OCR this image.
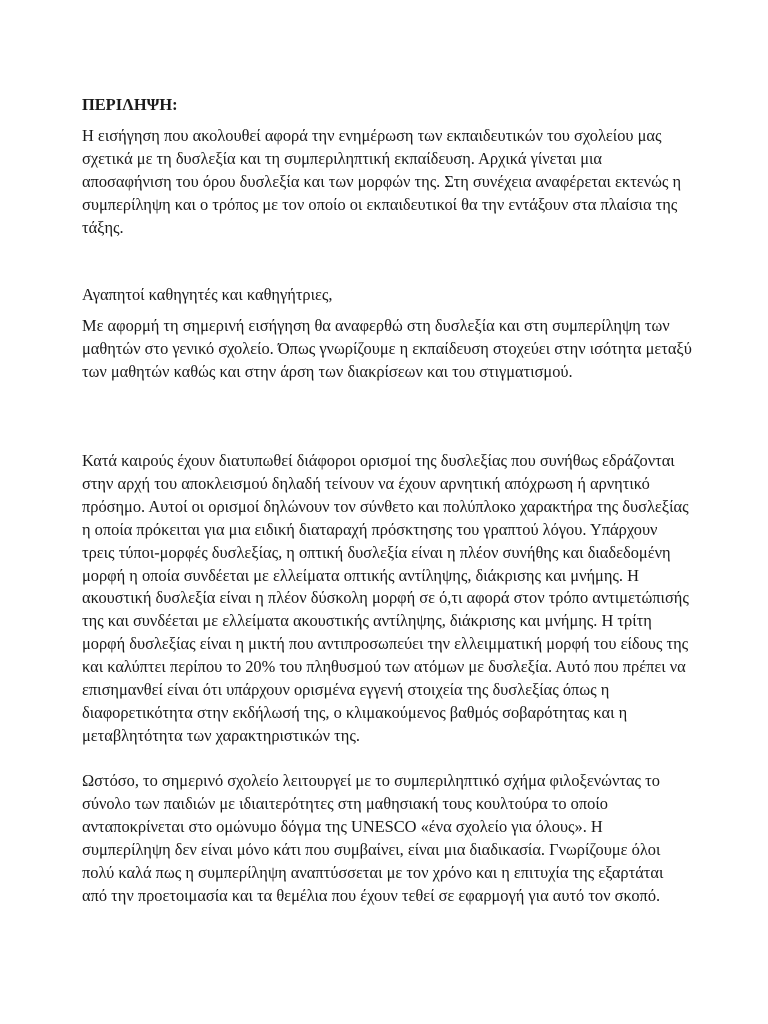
ΠΕΡΙΛΗΨΗ:

Η εισήγηση που ακολουθεί αφορά την ενημέρωση των εκπαιδευτικών του σχολείου μας σχετικά με τη δυσλεξία και τη συμπεριληπτική εκπαίδευση. Αρχικά γίνεται μια αποσαφήνιση του όρου δυσλεξία και των μορφών της. Στη συνέχεια αναφέρεται εκτενώς η συμπερίληψη και ο τρόπος με τον οποίο οι εκπαιδευτικοί θα την εντάξουν στα πλαίσια της τάξης.

Αγαπητοί καθηγητές και καθηγήτριες,

Με αφορμή τη σημερινή εισήγηση θα αναφερθώ στη δυσλεξία και στη συμπερίληψη των μαθητών στο γενικό σχολείο. Όπως γνωρίζουμε η εκπαίδευση στοχεύει στην ισότητα μεταξύ των μαθητών καθώς και στην άρση των διακρίσεων και του στιγματισμού.

Κατά καιρούς έχουν διατυπωθεί διάφοροι ορισμοί της δυσλεξίας που συνήθως εδράζονται στην αρχή του αποκλεισμού δηλαδή τείνουν να έχουν αρνητική απόχρωση ή αρνητικό πρόσημο. Αυτοί οι ορισμοί δηλώνουν τον σύνθετο και πολύπλοκο χαρακτήρα της δυσλεξίας η οποία πρόκειται για μια ειδική διαταραχή πρόσκτησης του γραπτού λόγου. Υπάρχουν τρεις τύποι-μορφές δυσλεξίας, η οπτική δυσλεξία είναι η πλέον συνήθης και διαδεδομένη μορφή η οποία συνδέεται με ελλείματα οπτικής αντίληψης, διάκρισης και μνήμης. Η ακουστική δυσλεξία είναι η πλέον δύσκολη μορφή σε ό,τι αφορά στον τρόπο αντιμετώπισής της και συνδέεται με ελλείματα ακουστικής αντίληψης, διάκρισης και μνήμης. Η τρίτη μορφή δυσλεξίας είναι η μικτή που αντιπροσωπεύει την ελλειμματική μορφή του είδους της και καλύπτει περίπου το 20% του πληθυσμού των ατόμων με δυσλεξία. Αυτό που πρέπει να επισημανθεί είναι ότι υπάρχουν ορισμένα εγγενή στοιχεία της δυσλεξίας όπως η διαφορετικότητα στην εκδήλωσή της, ο κλιμακούμενος βαθμός σοβαρότητας και η μεταβλητότητα των χαρακτηριστικών της.

Ωστόσο, το σημερινό σχολείο λειτουργεί με το συμπεριληπτικό σχήμα φιλοξενώντας το σύνολο των παιδιών με ιδιαιτερότητες στη μαθησιακή τους κουλτούρα το οποίο ανταποκρίνεται στο ομώνυμο δόγμα της UNESCO «ένα σχολείο για όλους». Η συμπερίληψη δεν είναι μόνο κάτι που συμβαίνει, είναι μια διαδικασία. Γνωρίζουμε όλοι πολύ καλά πως η συμπερίληψη αναπτύσσεται με τον χρόνο και η επιτυχία της εξαρτάται από την προετοιμασία και τα θεμέλια που έχουν τεθεί σε εφαρμογή για αυτό τον σκοπό.
